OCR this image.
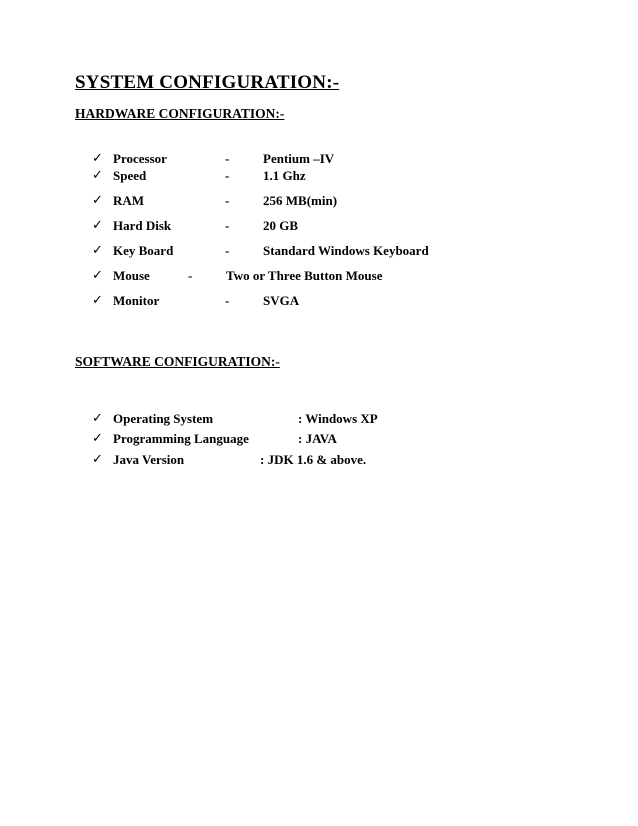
SYSTEM CONFIGURATION:-
HARDWARE CONFIGURATION:-
✓ Processor	-	Pentium –IV
✓ Speed	-	1.1 Ghz
✓ RAM	-	256 MB(min)
✓ Hard Disk	-	20 GB
✓ Key Board	-	Standard Windows Keyboard
✓ Mouse	-	Two or Three Button Mouse
✓ Monitor	-	SVGA
SOFTWARE CONFIGURATION:-
✓ Operating System	: Windows XP
✓ Programming Language	: JAVA
✓ Java Version	: JDK 1.6 & above.
